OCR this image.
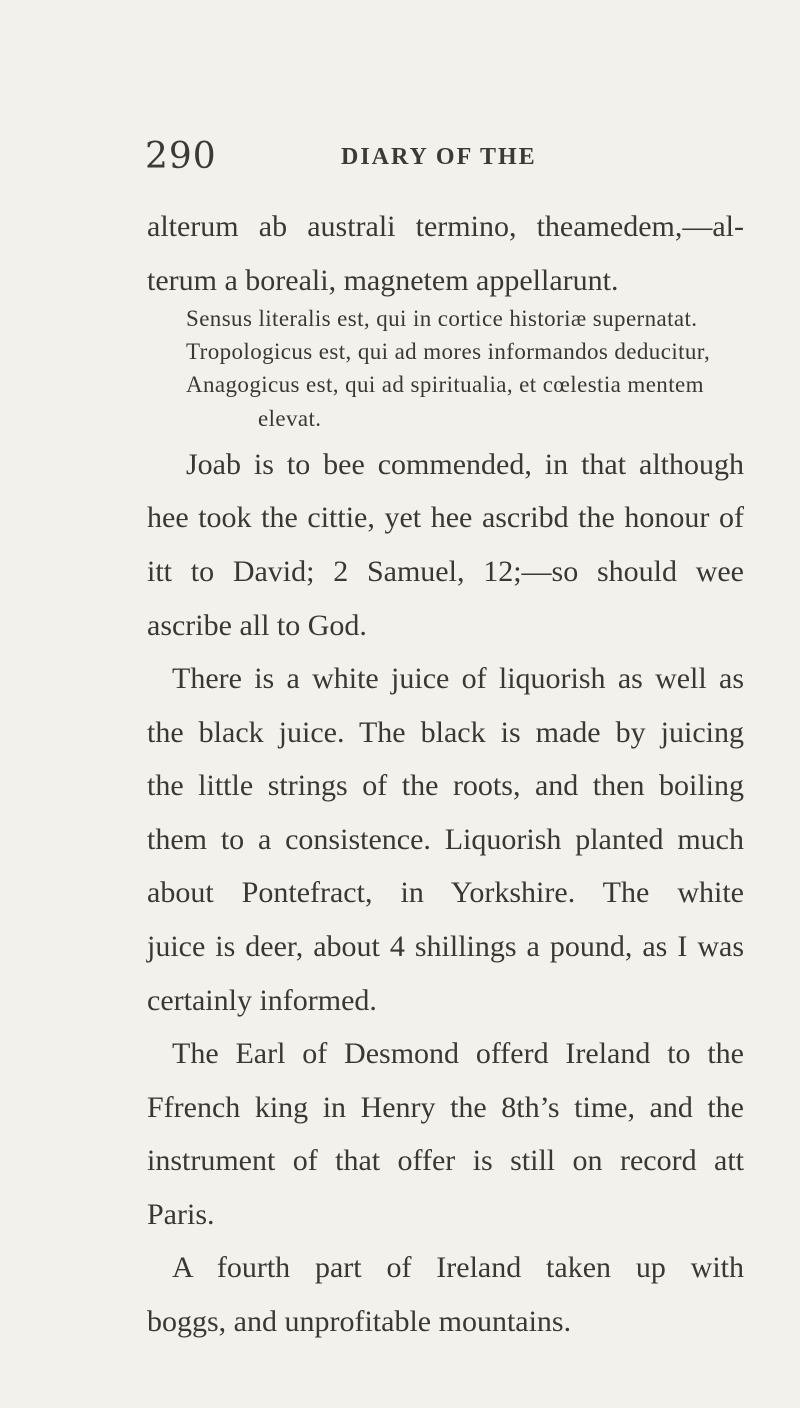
290	DIARY OF THE
alterum ab australi termino, theamedem,—al-
terum a boreali, magnetem appellarunt.
Sensus literalis est, qui in cortice historiæ supernatat.
Tropologicus est, qui ad mores informandos deducitur,
Anagogicus est, qui ad spiritualia, et cœlestia mentem
elevat.
Joab is to bee commended, in that although
hee took the cittie, yet hee ascribd the honour of
itt to David; 2 Samuel, 12;—so should wee
ascribe all to God.
There is a white juice of liquorish as well as
the black juice. The black is made by juicing
the little strings of the roots, and then boiling
them to a consistence. Liquorish planted much
about Pontefract, in Yorkshire. The white
juice is deer, about 4 shillings a pound, as I was
certainly informed.
The Earl of Desmond offerd Ireland to the
Ffrench king in Henry the 8th’s time, and the
instrument of that offer is still on record att
Paris.
A fourth part of Ireland taken up with
boggs, and unprofitable mountains.
